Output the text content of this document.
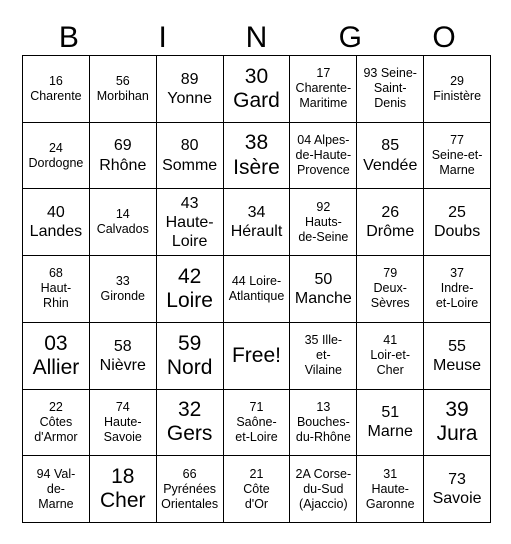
B	I	N	G	O
16
Charente
56
Morbihan
89
Yonne
30
Gard
17
Charente-
Maritime
93 Seine-
Saint-
Denis
29
Finistère
24
Dordogne
69
Rhône
80
Somme
38
Isère
04 Alpes-
de-Haute-
Provence
85
Vendée
77
Seine-et-
Marne
40
Landes
14
Calvados
43
Haute-
Loire
34
Hérault
92
Hauts-
de-Seine
26
Drôme
25
Doubs
68
Haut-
Rhin
33
Gironde
42
Loire
44 Loire-
Atlantique
50
Manche
79
Deux-
Sèvres
37
Indre-
et-Loire
03
Allier
58
Nièvre
59
Nord
Free!
35 Ille-
et-
Vilaine
41
Loir-et-
Cher
55
Meuse
22
Côtes
d'Armor
74
Haute-
Savoie
32
Gers
71
Saône-
et-Loire
13
Bouches-
du-Rhône
51
Marne
39
Jura
94 Val-
de-
Marne
18
Cher
66
Pyrénées
Orientales
21
Côte
d'Or
2A Corse-
du-Sud
(Ajaccio)
31
Haute-
Garonne
73
Savoie
